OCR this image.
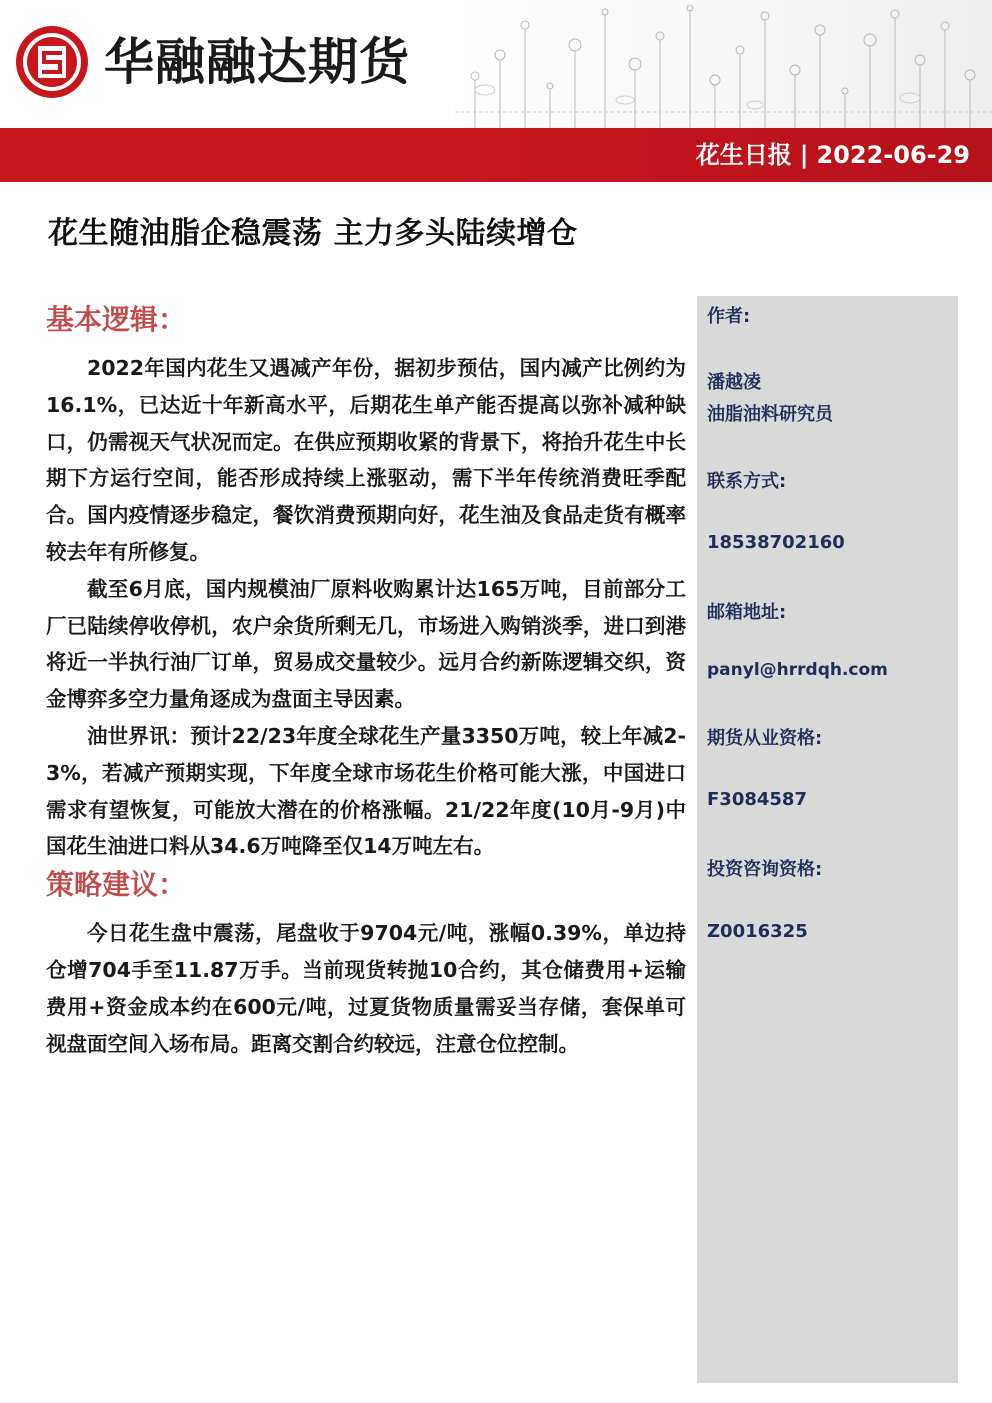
华融融达期货
花生日报 | 2022-06-29
花生随油脂企稳震荡 主力多头陆续增仓
基本逻辑：

2022年国内花生又遇减产年份，据初步预估，国内减产比例约为16.1%，已达近十年新高水平，后期花生单产能否提高以弥补减种缺口，仍需视天气状况而定。在供应预期收紧的背景下，将抬升花生中长期下方运行空间，能否形成持续上涨驱动，需下半年传统消费旺季配合。国内疫情逐步稳定，餐饮消费预期向好，花生油及食品走货有概率较去年有所修复。

截至6月底，国内规模油厂原料收购累计达165万吨，目前部分工厂已陆续停收停机，农户余货所剩无几，市场进入购销淡季，进口到港将近一半执行油厂订单，贸易成交量较少。远月合约新陈逻辑交织，资金博弈多空力量角逐成为盘面主导因素。

油世界讯：预计22/23年度全球花生产量3350万吨，较上年减2-3%，若减产预期实现，下年度全球市场花生价格可能大涨，中国进口需求有望恢复，可能放大潜在的价格涨幅。21/22年度(10月-9月)中国花生油进口料从34.6万吨降至仅14万吨左右。

策略建议：

今日花生盘中震荡，尾盘收于9704元/吨，涨幅0.39%，单边持仓增704手至11.87万手。当前现货转抛10合约，其仓储费用+运输费用+资金成本约在600元/吨，过夏货物质量需妥当存储，套保单可视盘面空间入场布局。距离交割合约较远，注意仓位控制。

作者:
潘越凌
油脂油料研究员
联系方式:
18538702160
邮箱地址:
panyl@hrrdqh.com
期货从业资格:
F3084587
投资咨询资格:
Z0016325
